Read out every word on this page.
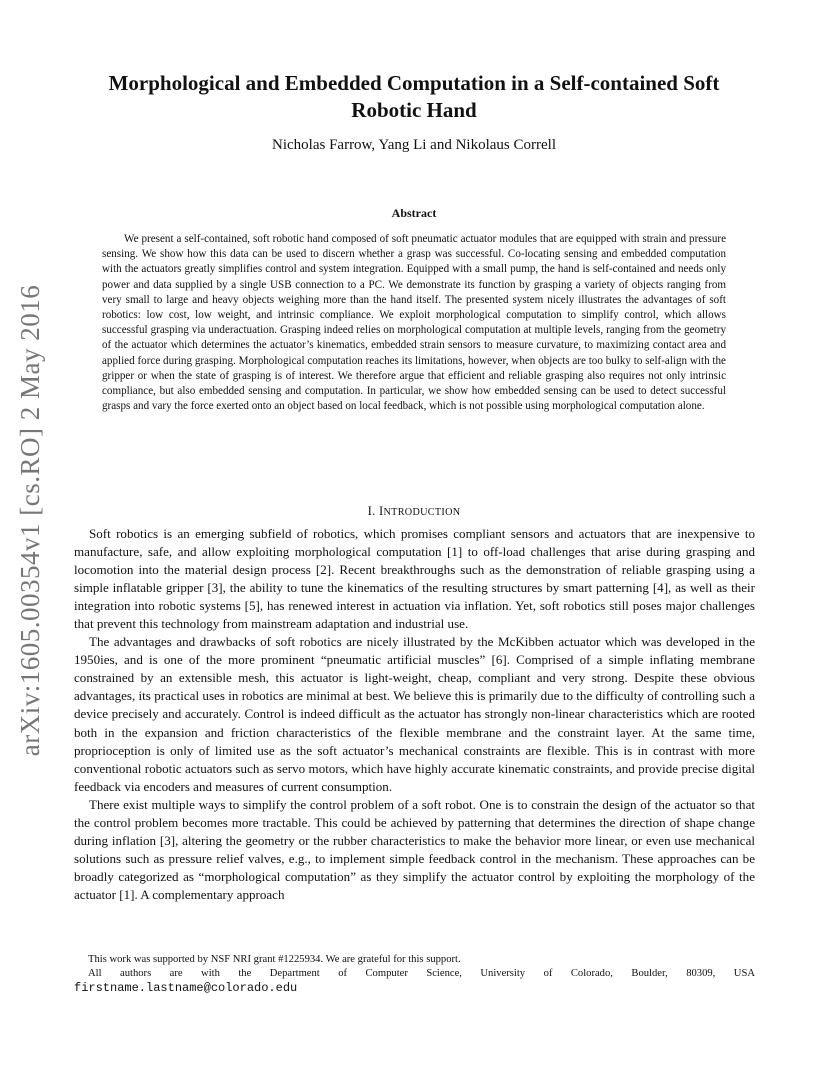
arXiv:1605.00354v1 [cs.RO] 2 May 2016
Morphological and Embedded Computation in a Self-contained Soft Robotic Hand
Nicholas Farrow, Yang Li and Nikolaus Correll
Abstract

We present a self-contained, soft robotic hand composed of soft pneumatic actuator modules that are equipped with strain and pressure sensing. We show how this data can be used to discern whether a grasp was successful. Co-locating sensing and embedded computation with the actuators greatly simplifies control and system integration. Equipped with a small pump, the hand is self-contained and needs only power and data supplied by a single USB connection to a PC. We demonstrate its function by grasping a variety of objects ranging from very small to large and heavy objects weighing more than the hand itself. The presented system nicely illustrates the advantages of soft robotics: low cost, low weight, and intrinsic compliance. We exploit morphological computation to simplify control, which allows successful grasping via underactuation. Grasping indeed relies on morphological computation at multiple levels, ranging from the geometry of the actuator which determines the actuator’s kinematics, embedded strain sensors to measure curvature, to maximizing contact area and applied force during grasping. Morphological computation reaches its limitations, however, when objects are too bulky to self-align with the gripper or when the state of grasping is of interest. We therefore argue that efficient and reliable grasping also requires not only intrinsic compliance, but also embedded sensing and computation. In particular, we show how embedded sensing can be used to detect successful grasps and vary the force exerted onto an object based on local feedback, which is not possible using morphological computation alone.

I. INTRODUCTION

Soft robotics is an emerging subfield of robotics, which promises compliant sensors and actuators that are inexpensive to manufacture, safe, and allow exploiting morphological computation [1] to off-load challenges that arise during grasping and locomotion into the material design process [2]. Recent breakthroughs such as the demonstration of reliable grasping using a simple inflatable gripper [3], the ability to tune the kinematics of the resulting structures by smart patterning [4], as well as their integration into robotic systems [5], has renewed interest in actuation via inflation. Yet, soft robotics still poses major challenges that prevent this technology from mainstream adaptation and industrial use.

The advantages and drawbacks of soft robotics are nicely illustrated by the McKibben actuator which was developed in the 1950ies, and is one of the more prominent “pneumatic artificial muscles” [6]. Comprised of a simple inflating membrane constrained by an extensible mesh, this actuator is light-weight, cheap, compliant and very strong. Despite these obvious advantages, its practical uses in robotics are minimal at best. We believe this is primarily due to the difficulty of controlling such a device precisely and accurately. Control is indeed difficult as the actuator has strongly non-linear characteristics which are rooted both in the expansion and friction characteristics of the flexible membrane and the constraint layer. At the same time, proprioception is only of limited use as the soft actuator’s mechanical constraints are flexible. This is in contrast with more conventional robotic actuators such as servo motors, which have highly accurate kinematic constraints, and provide precise digital feedback via encoders and measures of current consumption.

There exist multiple ways to simplify the control problem of a soft robot. One is to constrain the design of the actuator so that the control problem becomes more tractable. This could be achieved by patterning that determines the direction of shape change during inflation [3], altering the geometry or the rubber characteristics to make the behavior more linear, or even use mechanical solutions such as pressure relief valves, e.g., to implement simple feedback control in the mechanism. These approaches can be broadly categorized as “morphological computation” as they simplify the actuator control by exploiting the morphology of the actuator [1]. A complementary approach

This work was supported by NSF NRI grant #1225934. We are grateful for this support.
All authors are with the Department of Computer Science, University of Colorado, Boulder, 80309, USA
firstname.lastname@colorado.edu
